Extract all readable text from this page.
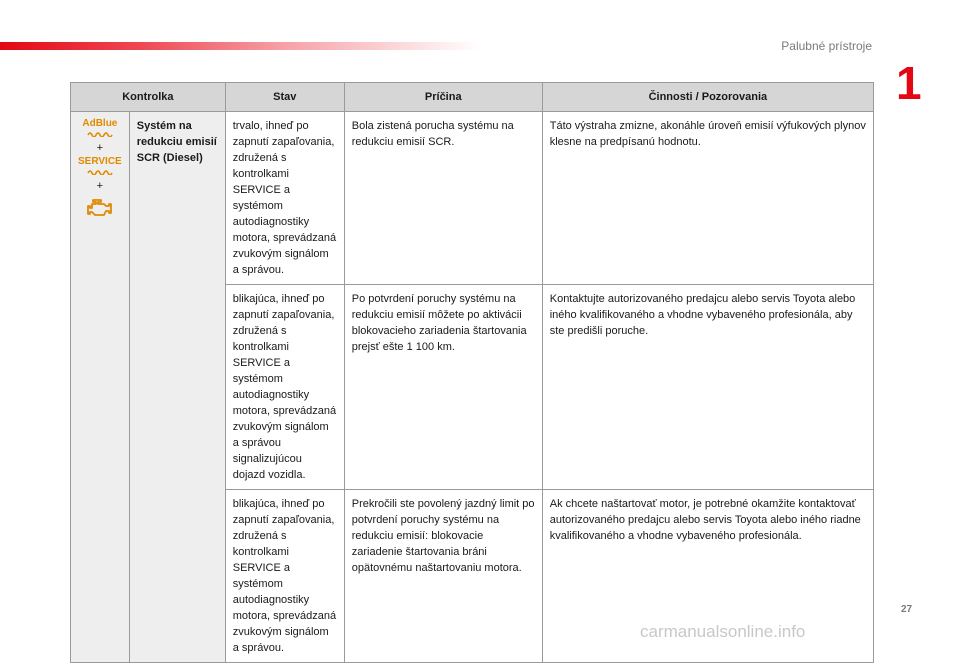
Palubné prístroje
1
Kontrolka		Stav	Príčina	Činnosti / Pozorovania

AdBlue
+
SERVICE
+	Systém na redukciu emisií SCR (Diesel)	trvalo, ihneď po zapnutí zapaľovania, združená s kontrolkami SERVICE a systémom autodiagnostiky motora, sprevádzaná zvukovým signálom a správou.	Bola zistená porucha systému na redukciu emisií SCR.	Táto výstraha zmizne, akonáhle úroveň emisií výfukových plynov klesne na predpísanú hodnotu.
		blikajúca, ihneď po zapnutí zapaľovania, združená s kontrolkami SERVICE a systémom autodiagnostiky motora, sprevádzaná zvukovým signálom a správou signalizujúcou dojazd vozidla.	Po potvrdení poruchy systému na redukciu emisií môžete po aktivácii blokovacieho zariadenia štartovania prejsť ešte 1 100 km.	Kontaktujte autorizovaného predajcu alebo servis Toyota alebo iného kvalifikovaného a vhodne vybaveného profesionála, aby ste predišli poruche.
		blikajúca, ihneď po zapnutí zapaľovania, združená s kontrolkami SERVICE a systémom autodiagnostiky motora, sprevádzaná zvukovým signálom a správou.	Prekročili ste povolený jazdný limit po potvrdení poruchy systému na redukciu emisií: blokovacie zariadenie štartovania bráni opätovnému naštartovaniu motora.	Ak chcete naštartovať motor, je potrebné okamžite kontaktovať autorizovaného predajcu alebo servis Toyota alebo iného riadne kvalifikovaného a vhodne vybaveného profesionála.
27
carmanualsonline.info
